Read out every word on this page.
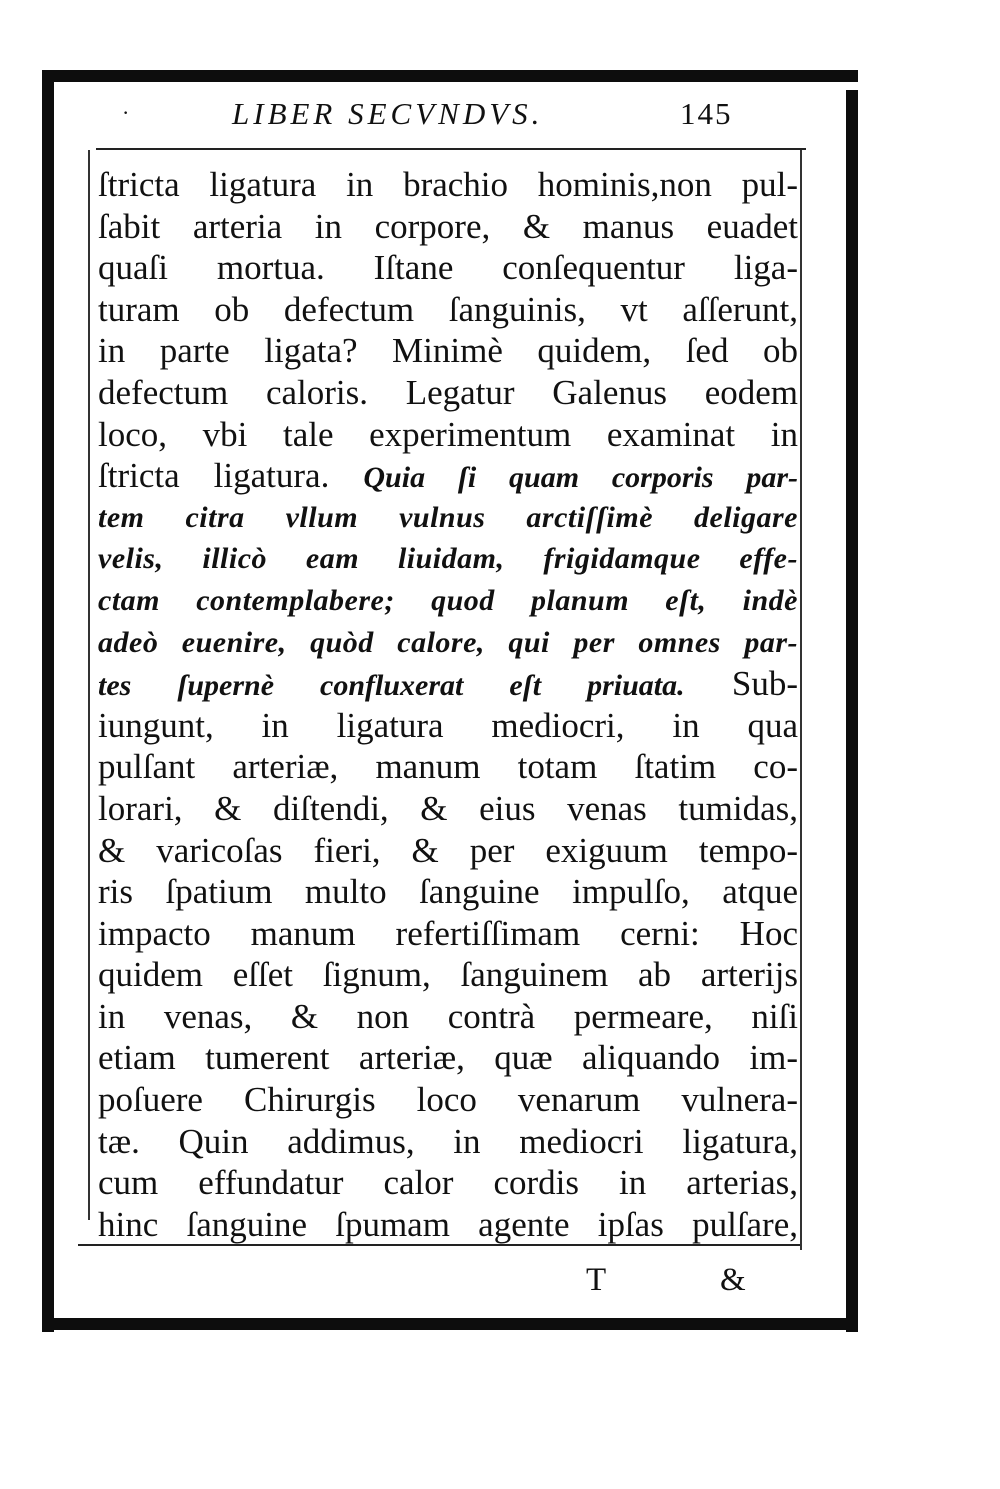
·	LIBER SECVNDVS.	145
ſtricta ligatura in brachio hominis,non pul-
ſabit arteria in corpore, & manus euadet
quaſi mortua. Iſtane conſequentur liga-
turam ob defectum ſanguinis, vt aſſerunt,
in parte ligata? Minimè quidem, ſed ob
defectum caloris. Legatur Galenus eodem
loco, vbi tale experimentum examinat in
ſtricta ligatura. Quia ſi quam corporis par-
tem citra vllum vulnus arctiſſimè deligare
velis, illicò eam liuidam, frigidamque effe-
ctam contemplabere; quod planum eſt, indè
adeò euenire, quòd calore, qui per omnes par-
tes ſupernè confluxerat eſt priuata. Sub-
iungunt, in ligatura mediocri, in qua
pulſant arteriæ, manum totam ſtatim co-
lorari, & diſtendi, & eius venas tumidas,
& varicoſas fieri, & per exiguum tempo-
ris ſpatium multo ſanguine impulſo, atque
impacto manum refertiſſimam cerni: Hoc
quidem eſſet ſignum, ſanguinem ab arterijs
in venas, & non contrà permeare, niſi
etiam tumerent arteriæ, quæ aliquando im-
poſuere Chirurgis loco venarum vulnera-
tæ. Quin addimus, in mediocri ligatura,
cum effundatur calor cordis in arterias,
hinc ſanguine ſpumam agente ipſas pulſare,
T	&
